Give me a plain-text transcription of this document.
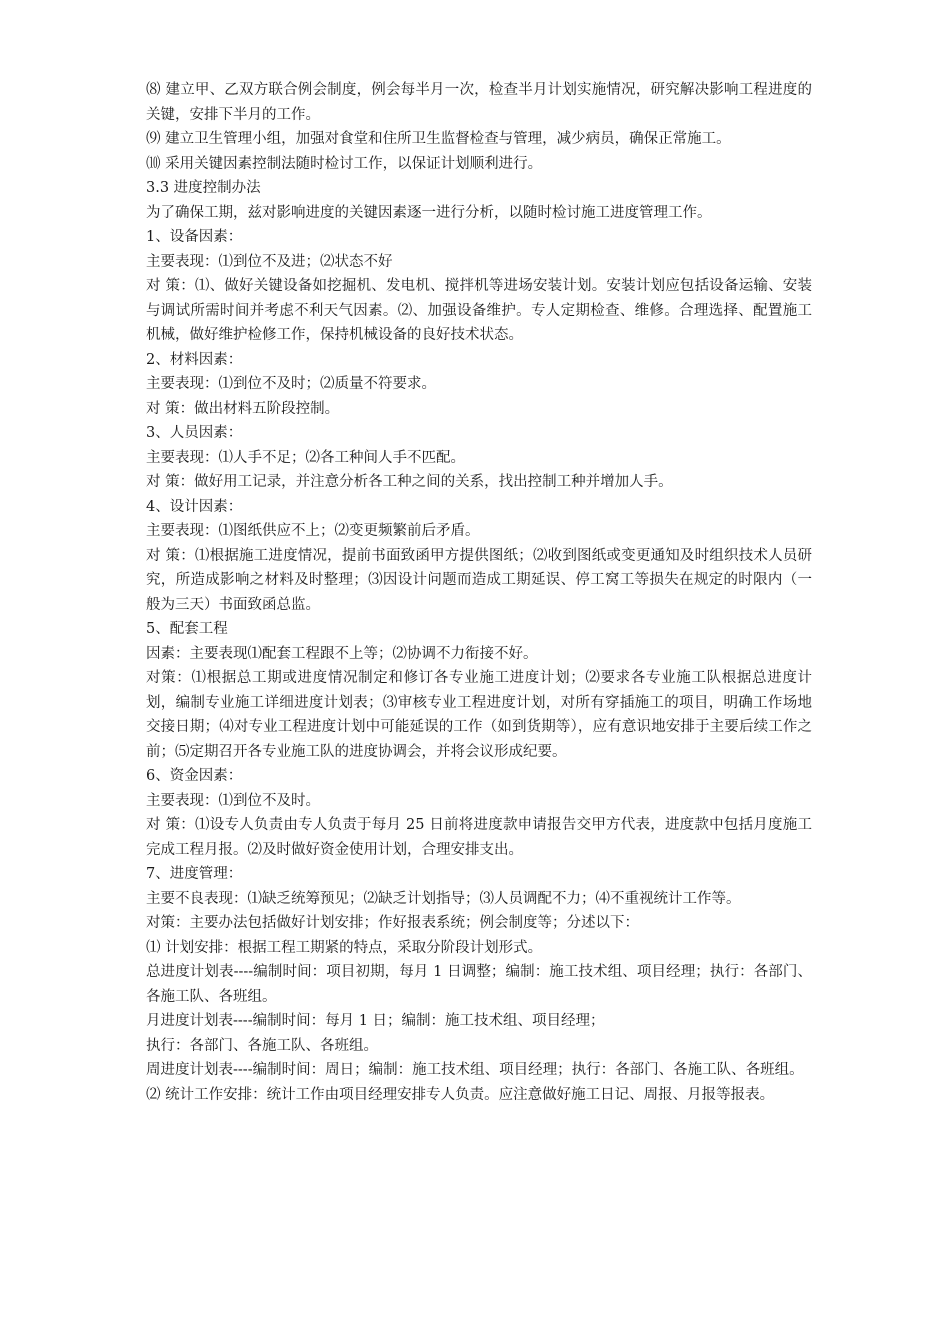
⑻ 建立甲、乙双方联合例会制度，例会每半月一次，检查半月计划实施情况，研究解决影响工程进度的关键，安排下半月的工作。

⑼ 建立卫生管理小组，加强对食堂和住所卫生监督检查与管理，减少病员，确保正常施工。

⑽ 采用关键因素控制法随时检讨工作，以保证计划顺利进行。

3.3 进度控制办法

为了确保工期，兹对影响进度的关键因素逐一进行分析，以随时检讨施工进度管理工作。

1、设备因素：

主要表现：⑴到位不及进；⑵状态不好

对 策：⑴、做好关键设备如挖掘机、发电机、搅拌机等进场安装计划。安装计划应包括设备运输、安装与调试所需时间并考虑不利天气因素。⑵、加强设备维护。专人定期检查、维修。合理选择、配置施工机械，做好维护检修工作，保持机械设备的良好技术状态。

2、材料因素：

主要表现：⑴到位不及时；⑵质量不符要求。

对 策：做出材料五阶段控制。

3、人员因素：

主要表现：⑴人手不足；⑵各工种间人手不匹配。

对 策：做好用工记录，并注意分析各工种之间的关系，找出控制工种并增加人手。

4、设计因素：

主要表现：⑴图纸供应不上；⑵变更频繁前后矛盾。

对 策：⑴根据施工进度情况，提前书面致函甲方提供图纸；⑵收到图纸或变更通知及时组织技术人员研究，所造成影响之材料及时整理；⑶因设计问题而造成工期延误、停工窝工等损失在规定的时限内（一般为三天）书面致函总监。

5、配套工程

因素：主要表现⑴配套工程跟不上等；⑵协调不力衔接不好。

对策：⑴根据总工期或进度情况制定和修订各专业施工进度计划；⑵要求各专业施工队根据总进度计划，编制专业施工详细进度计划表；⑶审核专业工程进度计划，对所有穿插施工的项目，明确工作场地交接日期；⑷对专业工程进度计划中可能延误的工作（如到货期等），应有意识地安排于主要后续工作之前；⑸定期召开各专业施工队的进度协调会，并将会议形成纪要。

6、资金因素：

主要表现：⑴到位不及时。

对 策：⑴设专人负责由专人负责于每月 25 日前将进度款申请报告交甲方代表，进度款中包括月度施工完成工程月报。⑵及时做好资金使用计划，合理安排支出。

7、进度管理：

主要不良表现：⑴缺乏统筹预见；⑵缺乏计划指导；⑶人员调配不力；⑷不重视统计工作等。

对策：主要办法包括做好计划安排；作好报表系统；例会制度等；分述以下：

⑴ 计划安排：根据工程工期紧的特点，采取分阶段计划形式。

总进度计划表----编制时间：项目初期，每月 1 日调整；编制：施工技术组、项目经理；执行：各部门、各施工队、各班组。

月进度计划表----编制时间：每月 1 日；编制：施工技术组、项目经理；

执行：各部门、各施工队、各班组。

周进度计划表----编制时间：周日；编制：施工技术组、项目经理；执行：各部门、各施工队、各班组。

⑵ 统计工作安排：统计工作由项目经理安排专人负责。应注意做好施工日记、周报、月报等报表。
